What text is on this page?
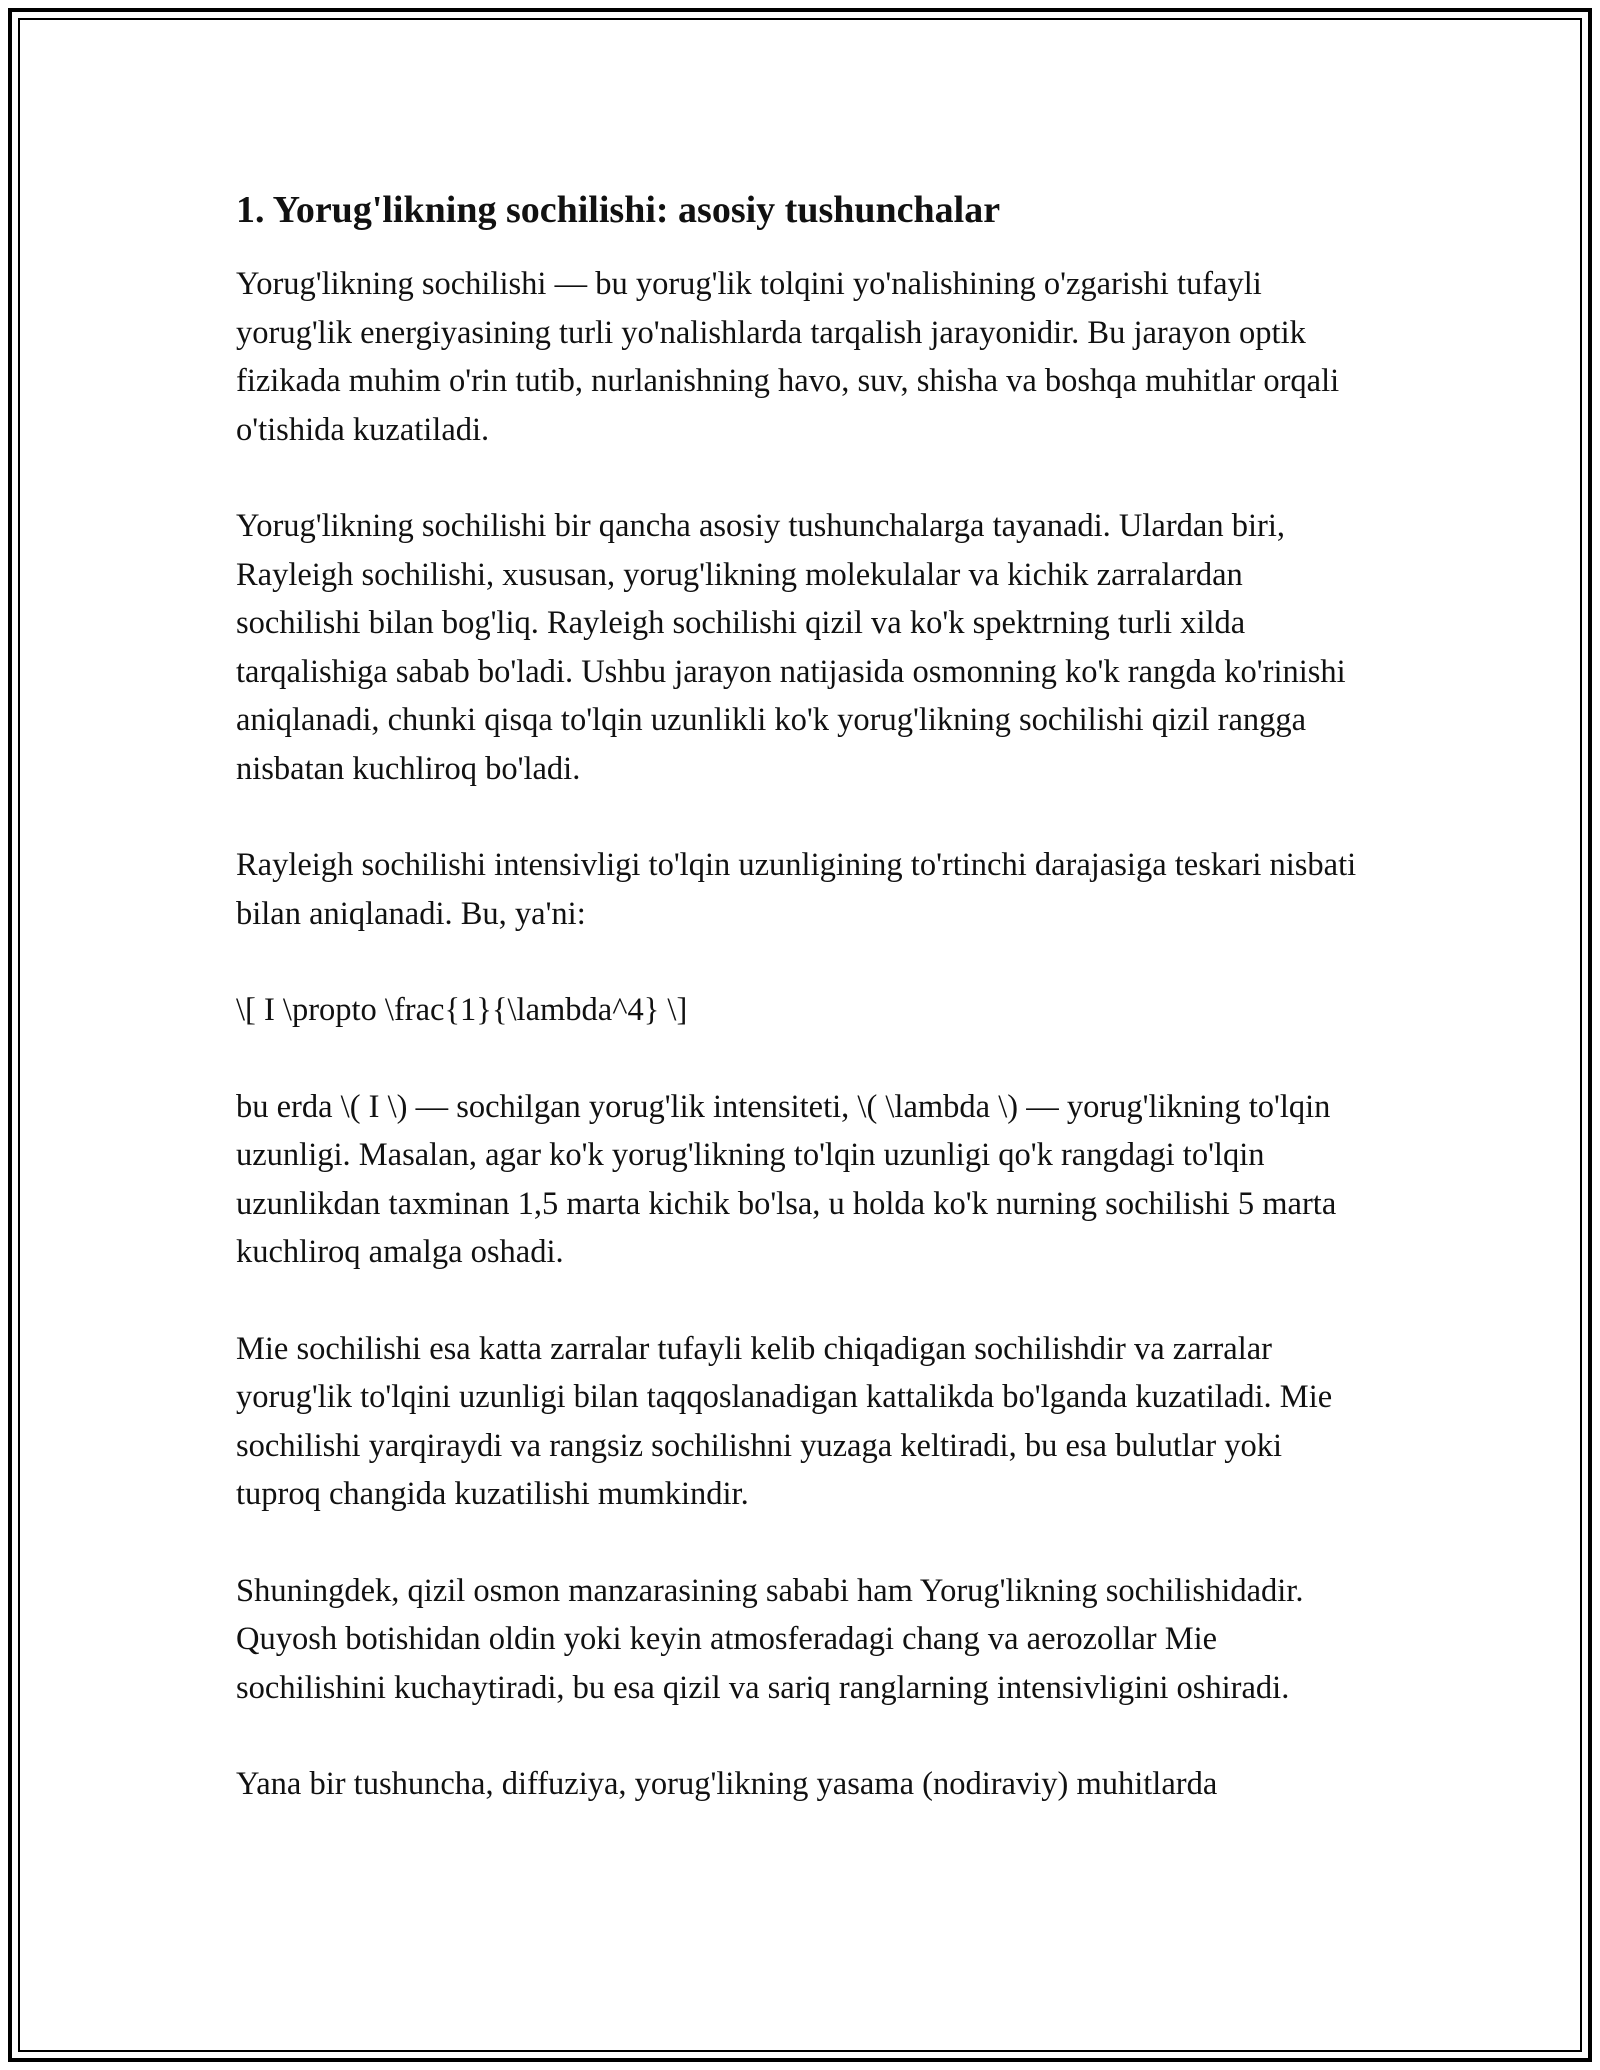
1. Yorug'likning sochilishi: asosiy tushunchalar

Yorug'likning sochilishi — bu yorug'lik tolqini yo'nalishining o'zgarishi tufayli yorug'lik energiyasining turli yo'nalishlarda tarqalish jarayonidir. Bu jarayon optik fizikada muhim o'rin tutib, nurlanishning havo, suv, shisha va boshqa muhitlar orqali o'tishida kuzatiladi.

Yorug'likning sochilishi bir qancha asosiy tushunchalarga tayanadi. Ulardan biri, Rayleigh sochilishi, xususan, yorug'likning molekulalar va kichik zarralardan sochilishi bilan bog'liq. Rayleigh sochilishi qizil va ko'k spektrning turli xilda tarqalishiga sabab bo'ladi. Ushbu jarayon natijasida osmonning ko'k rangda ko'rinishi aniqlanadi, chunki qisqa to'lqin uzunlikli ko'k yorug'likning sochilishi qizil rangga nisbatan kuchliroq bo'ladi.

Rayleigh sochilishi intensivligi to'lqin uzunligining to'rtinchi darajasiga teskari nisbati bilan aniqlanadi. Bu, ya'ni:

\[ I \propto \frac{1}{\lambda^4} \]

bu erda \( I \) — sochilgan yorug'lik intensiteti, \( \lambda \) — yorug'likning to'lqin uzunligi. Masalan, agar ko'k yorug'likning to'lqin uzunligi qo'k rangdagi to'lqin uzunlikdan taxminan 1,5 marta kichik bo'lsa, u holda ko'k nurning sochilishi 5 marta kuchliroq amalga oshadi.

Mie sochilishi esa katta zarralar tufayli kelib chiqadigan sochilishdir va zarralar yorug'lik to'lqini uzunligi bilan taqqoslanadigan kattalikda bo'lganda kuzatiladi. Mie sochilishi yarqiraydi va rangsiz sochilishni yuzaga keltiradi, bu esa bulutlar yoki tuproq changida kuzatilishi mumkindir.

Shuningdek, qizil osmon manzarasining sababi ham Yorug'likning sochilishidadir. Quyosh botishidan oldin yoki keyin atmosferadagi chang va aerozollar Mie sochilishini kuchaytiradi, bu esa qizil va sariq ranglarning intensivligini oshiradi.

Yana bir tushuncha, diffuziya, yorug'likning yasama (nodiraviy) muhitlarda
